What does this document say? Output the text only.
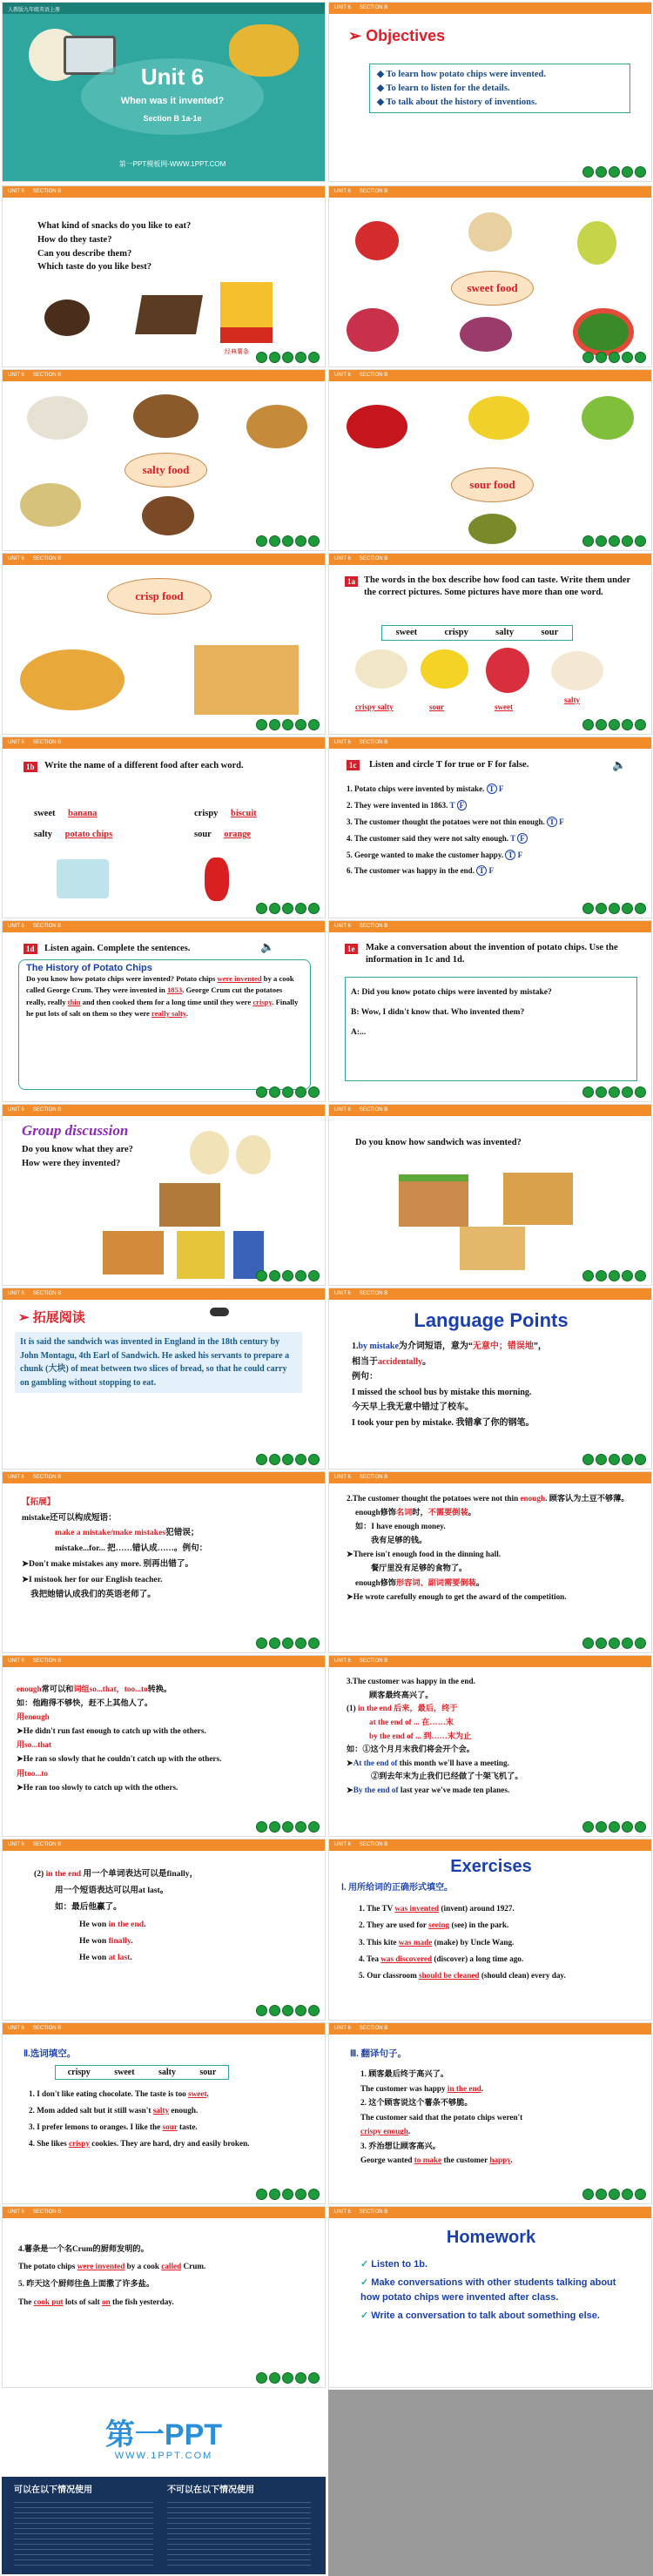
人教版九年级英语上册
Unit 6
When was it invented?
Section B 1a-1e
第一PPT模板网-WWW.1PPT.COM
UNIT 6 SECTION B
➢ Objectives
◆ To learn how potato chips were invented.
◆ To learn to listen for the details.
◆ To talk about the history of inventions.
UNIT 6 SECTION B
What kind of snacks do you like to eat?
How do they taste?
Can you describe them?
Which taste do you like best?
经典薯条
UNIT 6 SECTION B
sweet food
UNIT 6 SECTION B
salty food
UNIT 6 SECTION B
sour food
UNIT 6 SECTION B
crisp food
UNIT 6 SECTION B
1a The words in the box describe how food can taste. Write them under the correct pictures. Some pictures have more than one word.
sweet	crispy	salty	sour
crispy salty	sour	sweet
salty
UNIT 6 SECTION B
1b Write the name of a different food after each word.
sweet banana	crispy biscuit
salty potato chips	sour orange
UNIT 6 SECTION B
1c Listen and circle T for true or F for false.	🔈
1. Potato chips were invented by mistake. T F
2. They were invented in 1863. T F
3. The customer thought the potatoes were not thin enough. T F
4. The customer said they were not salty enough. T F
5. George wanted to make the customer happy. T F
6. The customer was happy in the end. T F
UNIT 6 SECTION B
1d Listen again. Complete the sentences.	🔈
The History of Potato Chips
Do you know how potato chips were invented? Potato chips were invented by a cook called George Crum. They were invented in 1853. George Crum cut the potatoes really, really thin and then cooked them for a long time until they were crispy. Finally he put lots of salt on them so they were really salty.
UNIT 6 SECTION B
1e Make a conversation about the invention of potato chips. Use the information in 1c and 1d.
A: Did you know potato chips were invented by mistake?
B: Wow, I didn't know that. Who invented them?
A:...
UNIT 6 SECTION B
Group discussion
Do you know what they are?
How were they invented?
UNIT 6 SECTION B
Do you know how sandwich was invented?
UNIT 6 SECTION B
➢ 拓展阅读
It is said the sandwich was invented in England in the 18th century by John Montagu, 4th Earl of Sandwich. He asked his servants to prepare a chunk (大块) of meat between two slices of bread, so that he could carry on gambling without stopping to eat.
UNIT 6 SECTION B
Language Points
1.by mistake为介词短语，意为“无意中；错误地”，
相当于accidentally。
例句：
I missed the school bus by mistake this morning.
今天早上我无意中错过了校车。
I took your pen by mistake. 我错拿了你的钢笔。
UNIT 6 SECTION B
【拓展】
mistake还可以构成短语：
make a mistake/make mistakes犯错误；
mistake...for... 把……错认成……。例句：
➤Don't make mistakes any more. 别再出错了。
➤I mistook her for our English teacher.
我把她错认成我们的英语老师了。
UNIT 6 SECTION B
2.The customer thought the potatoes were not thin enough. 顾客认为土豆不够薄。
enough修饰名词时，不需要倒装。
如：I have enough money.
我有足够的钱。
➤There isn't enough food in the dinning hall.
餐厅里没有足够的食物了。
enough修饰形容词、副词需要倒装。
➤He wrote carefully enough to get the award of the competition.
UNIT 6 SECTION B
enough常可以和词组so...that，too...to转换。
如：他跑得不够快，赶不上其他人了。
用enough
➤He didn't run fast enough to catch up with the others.
用so...that
➤He ran so slowly that he couldn't catch up with the others.
用too...to
➤He ran too slowly to catch up with the others.
UNIT 6 SECTION B
3.The customer was happy in the end.
顾客最终高兴了。
(1) in the end 后来，最后，终于
at the end of ... 在……末
by the end of ... 到……末为止
如：①这个月月末我们将会开个会。
➤At the end of this month we'll have a meeting.
②到去年末为止我们已经做了十架飞机了。
➤By the end of last year we've made ten planes.
UNIT 6 SECTION B
(2) in the end 用一个单词表达可以是finally，
用一个短语表达可以用at last。
如：最后他赢了。
He won in the end.
He won finally.
He won at last.
UNIT 6 SECTION B
Exercises
Ⅰ. 用所给词的正确形式填空。
1. The TV was invented (invent) around 1927.
2. They are used for seeing (see) in the park.
3. This kite was made (make) by Uncle Wang.
4. Tea was discovered (discover) a long time ago.
5. Our classroom should be cleaned (should clean) every day.
UNIT 6 SECTION B
Ⅱ.选词填空。
crispy	sweet	salty	sour
1. I don't like eating chocolate. The taste is too sweet.
2. Mom added salt but it still wasn't salty enough.
3. I prefer lemons to oranges. I like the sour taste.
4. She likes crispy cookies. They are hard, dry and easily broken.
UNIT 6 SECTION B
Ⅲ. 翻译句子。
1. 顾客最后终于高兴了。
The customer was happy in the end.
2. 这个顾客说这个薯条不够脆。
The customer said that the potato chips weren't
crispy enough.
3. 乔治想让顾客高兴。
George wanted to make the customer happy.
UNIT 6 SECTION B
4.薯条是一个名Crum的厨师发明的。
The potato chips were invented by a cook called Crum.
5. 昨天这个厨师往鱼上面撒了许多盐。
The cook put lots of salt on the fish yesterday.
UNIT 6 SECTION B
Homework
✓ Listen to 1b.
✓ Make conversations with other students talking about how potato chips were invented after class.
✓ Write a conversation to talk about something else.
第一PPT
WWW.1PPT.COM
可以在以下情况使用	不可以在以下情况使用
